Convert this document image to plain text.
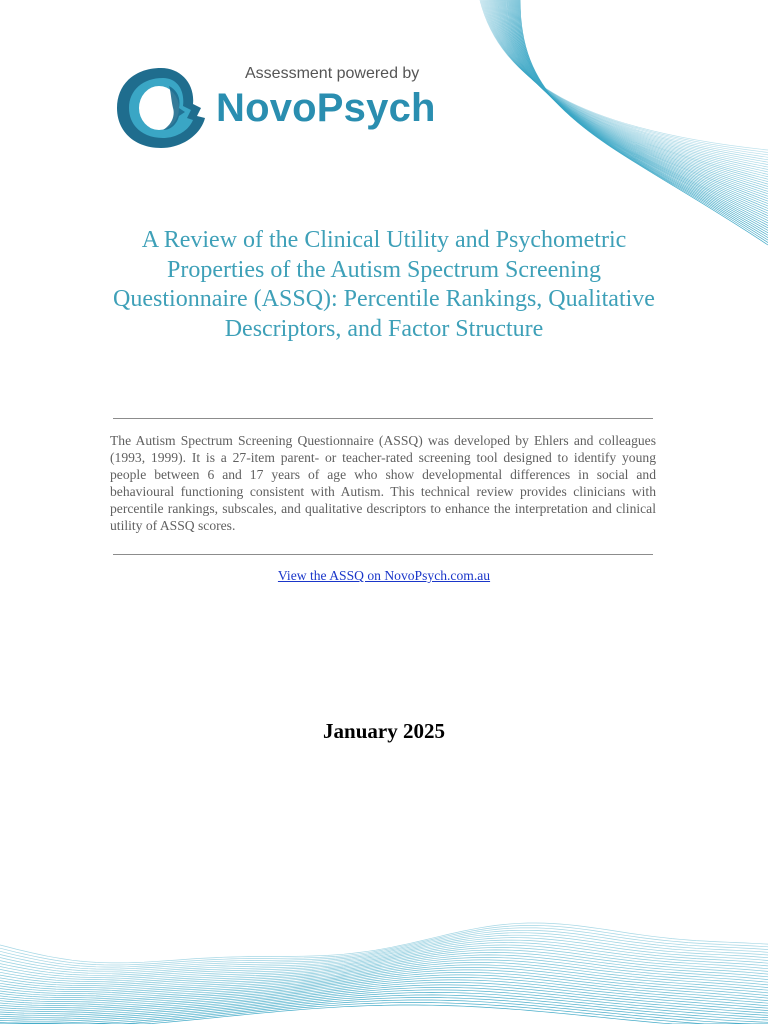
Assessment powered by
NovoPsych
A Review of the Clinical Utility and Psychometric Properties of the Autism Spectrum Screening Questionnaire (ASSQ): Percentile Rankings, Qualitative Descriptors, and Factor Structure

The Autism Spectrum Screening Questionnaire (ASSQ) was developed by Ehlers and colleagues (1993, 1999). It is a 27-item parent- or teacher-rated screening tool designed to identify young people between 6 and 17 years of age who show developmental differences in social and behavioural functioning consistent with Autism. This technical review provides clinicians with percentile rankings, subscales, and qualitative descriptors to enhance the interpretation and clinical utility of ASSQ scores.

View the ASSQ on NovoPsych.com.au
January 2025
